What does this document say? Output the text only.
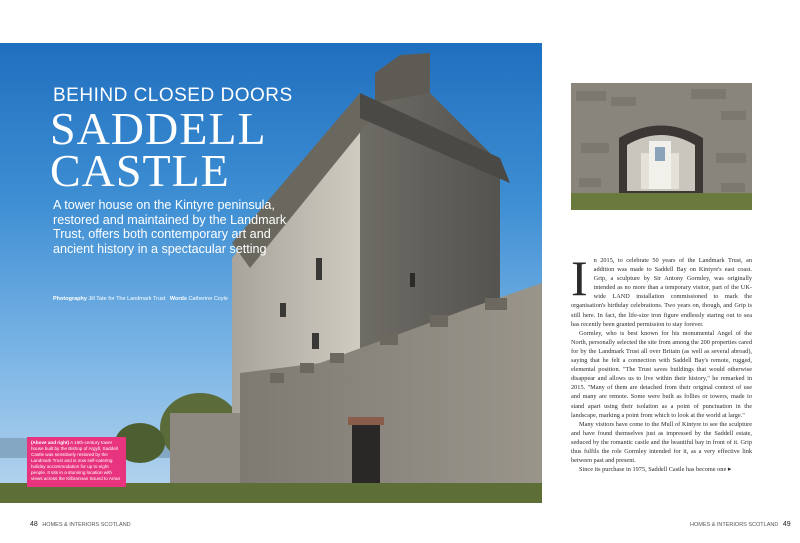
BEHIND CLOSED DOORS
SADDELL
CASTLE
A tower house on the Kintyre peninsula, restored and maintained by the Landmark Trust, offers both contemporary art and ancient history in a spectacular setting
Photography Jill Tate for The Landmark Trust Words Catherine Coyle
(Above and right) A 16th-century tower house built by the Bishop of Argyll, Saddell Castle was sensitively restored by the Landmark Trust and is now self-catering holiday accommodation for up to eight people. It sits in a stunning location with views across the Kilbrannan Sound to Arran
I n 2015, to celebrate 50 years of the Landmark Trust, an addition was made to Saddell Bay on Kintyre's east coast. Grip, a sculpture by Sir Antony Gormley, was originally intended as no more than a temporary visitor, part of the UK-wide LAND installation commissioned to mark the organisation's birthday celebrations. Two years on, though, and Grip is still here. In fact, the life-size iron figure endlessly staring out to sea has recently been granted permission to stay forever.

Gormley, who is best known for his monumental Angel of the North, personally selected the site from among the 200 properties cared for by the Landmark Trust all over Britain (as well as several abroad), saying that he felt a connection with Saddell Bay's remote, rugged, elemental position. "The Trust saves buildings that would otherwise disappear and allows us to live within their history," he remarked in 2015. "Many of them are detached from their original context of use and many are remote. Some were built as follies or towers, made to stand apart using their isolation as a point of punctuation in the landscape, marking a point from which to look at the world at large."

Many visitors have come to the Mull of Kintyre to see the sculpture and have found themselves just as impressed by the Saddell estate, seduced by the romantic castle and the beautiful bay in front of it. Grip thus fulfils the role Gormley intended for it, as a very effective link between past and present.

Since its purchase in 1975, Saddell Castle has become one ▸

48 HOMES & INTERIORS SCOTLAND	HOMES & INTERIORS SCOTLAND 49
